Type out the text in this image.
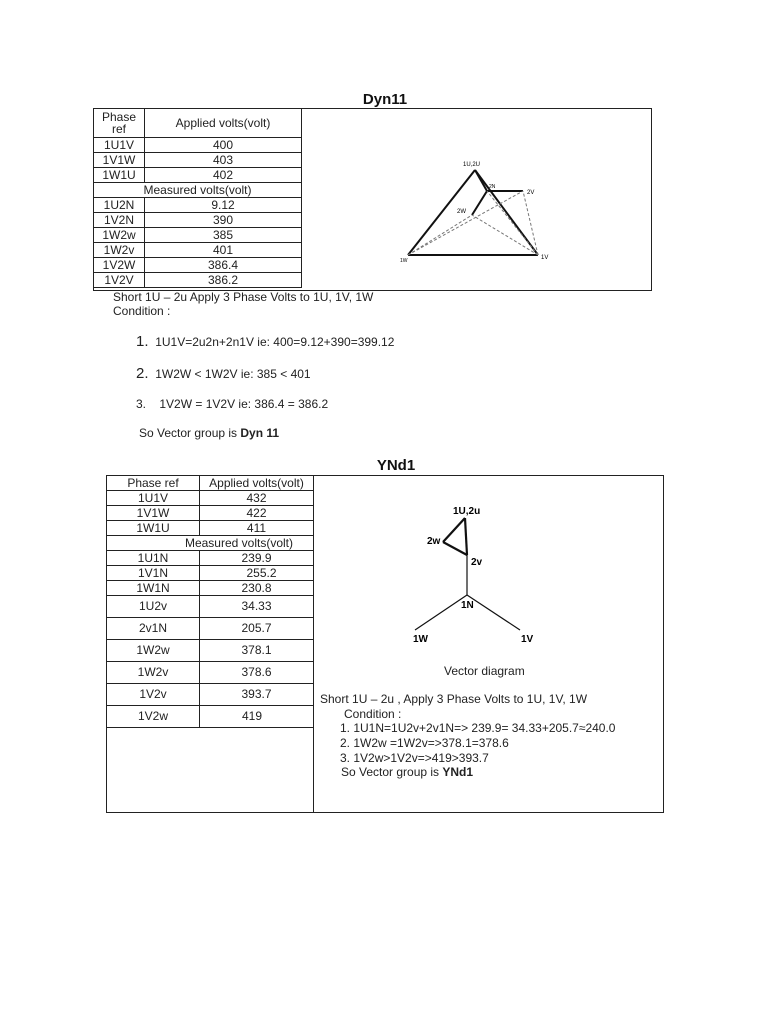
Dyn11
Phase ref	Applied volts(volt)
1U1V	400
1V1W	403
1W1U	402
Measured volts(volt)	
1U2N	9.12
1V2N	390
1W2w	385
1W2v	401
1V2W	386.4
1V2V	386.2
1U,2U
2N
2V
2W
1W	1V
Short 1U – 2u Apply 3 Phase Volts to 1U, 1V, 1W
Condition :
1. 1U1V=2u2n+2n1V ie: 400=9.12+390=399.12
2. 1W2W < 1W2V ie: 385 < 401
3. 1V2W = 1V2V ie: 386.4 = 386.2
So Vector group is Dyn 11
YNd1
Phase ref	Applied volts(volt)
1U1V	432
1V1W	422
1W1U	411
Measured volts(volt)	
1U1N	239.9
1V1N	255.2
1W1N	230.8
1U2v	34.33
2v1N	205.7
1W2w	378.1
1W2v	378.6
1V2v	393.7
1V2w	419
1U,2u
2w
2v
1N
1W	1V
Vector diagram
Short 1U – 2u , Apply 3 Phase Volts to 1U, 1V, 1W
Condition :
1. 1U1N=1U2v+2v1N=> 239.9= 34.33+205.7≈240.0
2. 1W2w =1W2v=>378.1=378.6
3. 1V2w>1V2v=>419>393.7
So Vector group is YNd1
